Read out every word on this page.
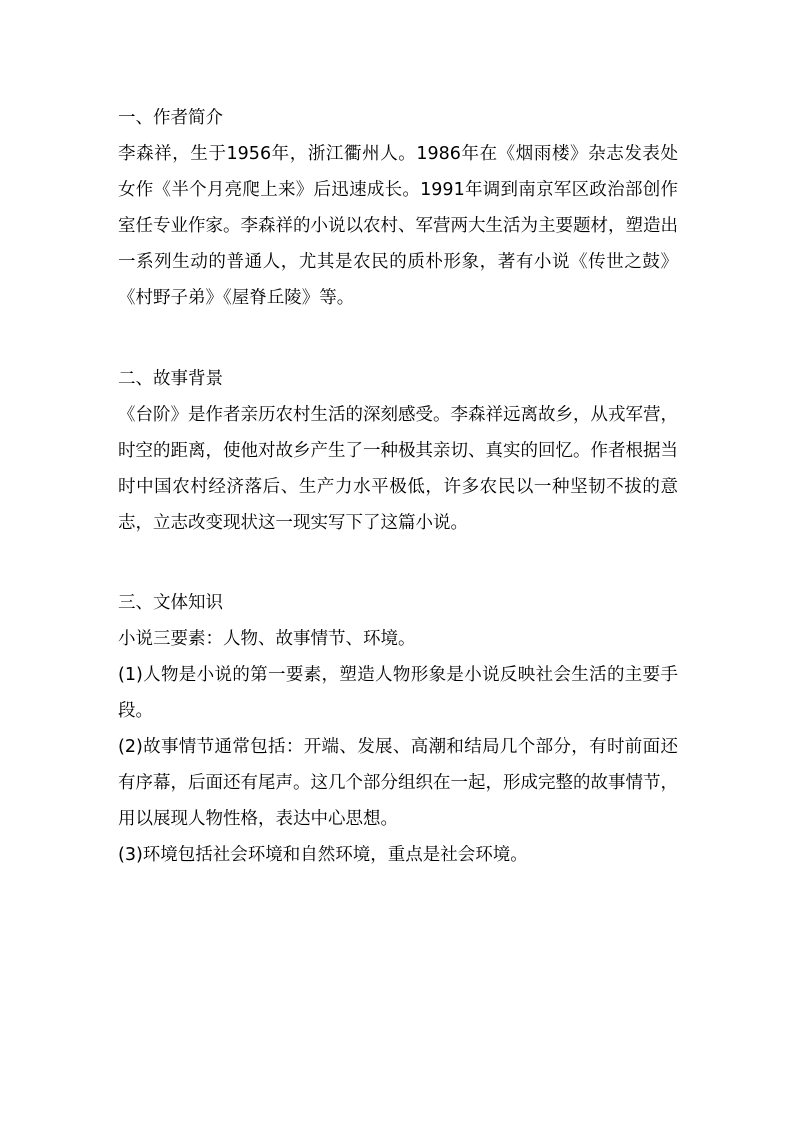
一、作者简介

李森祥，生于1956年，浙江衢州人。1986年在《烟雨楼》杂志发表处女作《半个月亮爬上来》后迅速成长。1991年调到南京军区政治部创作室任专业作家。李森祥的小说以农村、军营两大生活为主要题材，塑造出一系列生动的普通人，尤其是农民的质朴形象，著有小说《传世之鼓》《村野子弟》《屋脊丘陵》等。

二、故事背景

《台阶》是作者亲历农村生活的深刻感受。李森祥远离故乡，从戎军营，时空的距离，使他对故乡产生了一种极其亲切、真实的回忆。作者根据当时中国农村经济落后、生产力水平极低，许多农民以一种坚韧不拔的意志，立志改变现状这一现实写下了这篇小说。

三、文体知识

小说三要素：人物、故事情节、环境。

(1)人物是小说的第一要素，塑造人物形象是小说反映社会生活的主要手段。

(2)故事情节通常包括：开端、发展、高潮和结局几个部分，有时前面还有序幕，后面还有尾声。这几个部分组织在一起，形成完整的故事情节，用以展现人物性格，表达中心思想。

(3)环境包括社会环境和自然环境，重点是社会环境。
